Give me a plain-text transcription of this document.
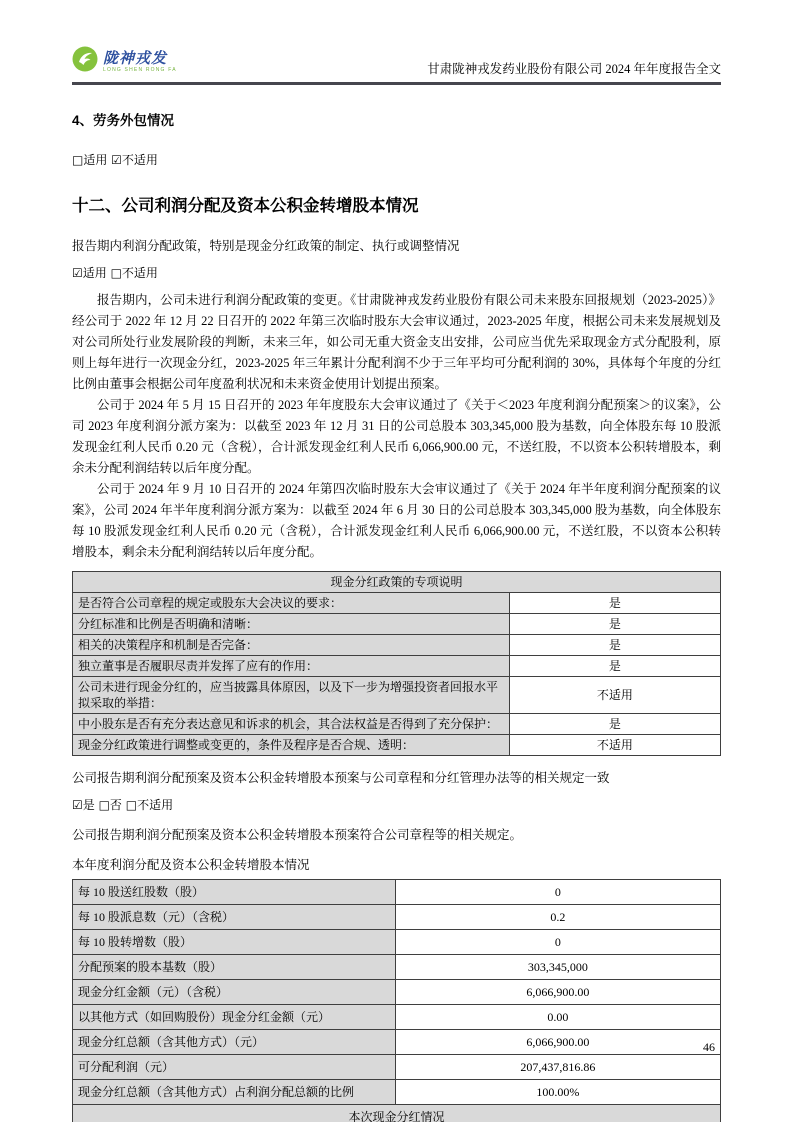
陇神戎发
LONG SHEN RONG FA	甘肃陇神戎发药业股份有限公司 2024 年年度报告全文
4、劳务外包情况
□适用 ☑不适用
十二、公司利润分配及资本公积金转增股本情况
报告期内利润分配政策，特别是现金分红政策的制定、执行或调整情况
☑适用 □不适用

报告期内，公司未进行利润分配政策的变更。《甘肃陇神戎发药业股份有限公司未来股东回报规划（2023-2025）》经公司于 2022 年 12 月 22 日召开的 2022 年第三次临时股东大会审议通过，2023-2025 年度，根据公司未来发展规划及对公司所处行业发展阶段的判断，未来三年，如公司无重大资金支出安排，公司应当优先采取现金方式分配股利，原则上每年进行一次现金分红，2023-2025 年三年累计分配利润不少于三年平均可分配利润的 30%，具体每个年度的分红比例由董事会根据公司年度盈利状况和未来资金使用计划提出预案。

公司于 2024 年 5 月 15 日召开的 2023 年年度股东大会审议通过了《关于＜2023 年度利润分配预案＞的议案》，公司 2023 年度利润分派方案为：以截至 2023 年 12 月 31 日的公司总股本 303,345,000 股为基数，向全体股东每 10 股派发现金红利人民币 0.20 元（含税），合计派发现金红利人民币 6,066,900.00 元，不送红股，不以资本公积转增股本，剩余未分配利润结转以后年度分配。

公司于 2024 年 9 月 10 日召开的 2024 年第四次临时股东大会审议通过了《关于 2024 年半年度利润分配预案的议案》，公司 2024 年半年度利润分派方案为：以截至 2024 年 6 月 30 日的公司总股本 303,345,000 股为基数，向全体股东每 10 股派发现金红利人民币 0.20 元（含税），合计派发现金红利人民币 6,066,900.00 元，不送红股，不以资本公积转增股本，剩余未分配利润结转以后年度分配。

现金分红政策的专项说明	
是否符合公司章程的规定或股东大会决议的要求：	是
分红标准和比例是否明确和清晰：	是
相关的决策程序和机制是否完备：	是
独立董事是否履职尽责并发挥了应有的作用：	是
公司未进行现金分红的，应当披露具体原因，以及下一步为增强投资者回报水平拟采取的举措：	不适用
中小股东是否有充分表达意见和诉求的机会，其合法权益是否得到了充分保护：	是
现金分红政策进行调整或变更的，条件及程序是否合规、透明：	不适用
公司报告期利润分配预案及资本公积金转增股本预案与公司章程和分红管理办法等的相关规定一致
☑是 □否 □不适用
公司报告期利润分配预案及资本公积金转增股本预案符合公司章程等的相关规定。
本年度利润分配及资本公积金转增股本情况
每 10 股送红股数（股）	0
每 10 股派息数（元）（含税）	0.2
每 10 股转增数（股）	0
分配预案的股本基数（股）	303,345,000
现金分红金额（元）（含税）	6,066,900.00
以其他方式（如回购股份）现金分红金额（元）	0.00
现金分红总额（含其他方式）（元）	6,066,900.00
可分配利润（元）	207,437,816.86
现金分红总额（含其他方式）占利润分配总额的比例	100.00%
本次现金分红情况	
46
